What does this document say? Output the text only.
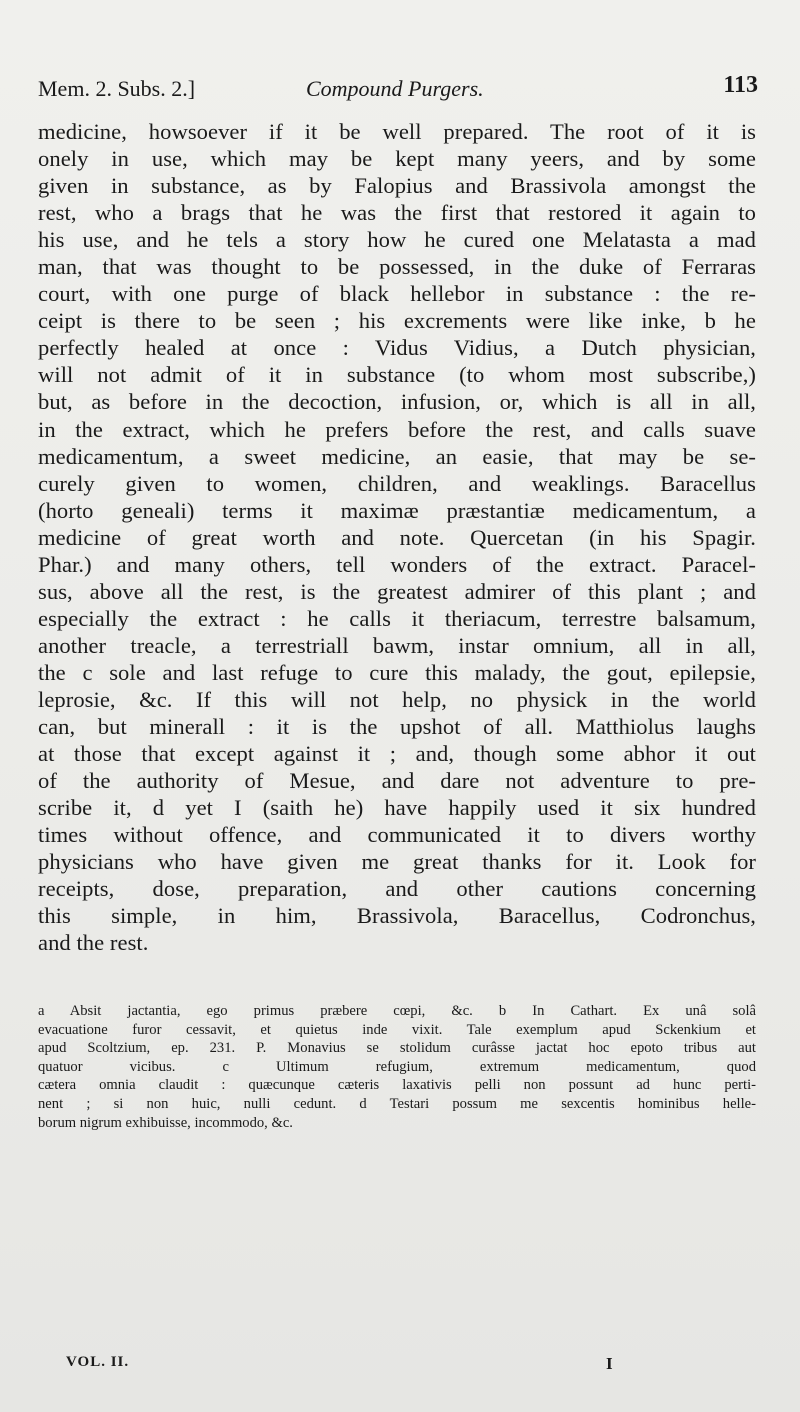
Mem. 2. Subs. 2.]	Compound Purgers.	113
medicine, howsoever if it be well prepared. The root of it is
onely in use, which may be kept many yeers, and by some
given in substance, as by Falopius and Brassivola amongst the
rest, who a brags that he was the first that restored it again to
his use, and he tels a story how he cured one Melatasta a mad
man, that was thought to be possessed, in the duke of Ferraras
court, with one purge of black hellebor in substance : the re-
ceipt is there to be seen ; his excrements were like inke, b he
perfectly healed at once : Vidus Vidius, a Dutch physician,
will not admit of it in substance (to whom most subscribe,)
but, as before in the decoction, infusion, or, which is all in all,
in the extract, which he prefers before the rest, and calls suave
medicamentum, a sweet medicine, an easie, that may be se-
curely given to women, children, and weaklings. Baracellus
(horto geneali) terms it maximæ præstantiæ medicamentum, a
medicine of great worth and note. Quercetan (in his Spagir.
Phar.) and many others, tell wonders of the extract. Paracel-
sus, above all the rest, is the greatest admirer of this plant ; and
especially the extract : he calls it theriacum, terrestre balsamum,
another treacle, a terrestriall bawm, instar omnium, all in all,
the c sole and last refuge to cure this malady, the gout, epilepsie,
leprosie, &c. If this will not help, no physick in the world
can, but minerall : it is the upshot of all. Matthiolus laughs
at those that except against it ; and, though some abhor it out
of the authority of Mesue, and dare not adventure to pre-
scribe it, d yet I (saith he) have happily used it six hundred
times without offence, and communicated it to divers worthy
physicians who have given me great thanks for it. Look for
receipts, dose, preparation, and other cautions concerning
this simple, in him, Brassivola, Baracellus, Codronchus,
and the rest.
a Absit jactantia, ego primus præbere cœpi, &c. b In Cathart. Ex unâ solâ
evacuatione furor cessavit, et quietus inde vixit. Tale exemplum apud Sckenkium et
apud Scoltzium, ep. 231. P. Monavius se stolidum curâsse jactat hoc epoto tribus aut
quatuor vicibus. c Ultimum refugium, extremum medicamentum, quod
cætera omnia claudit : quæcunque cæteris laxativis pelli non possunt ad hunc perti-
nent ; si non huic, nulli cedunt. d Testari possum me sexcentis hominibus helle-
borum nigrum exhibuisse, incommodo, &c.
VOL. II.	I
